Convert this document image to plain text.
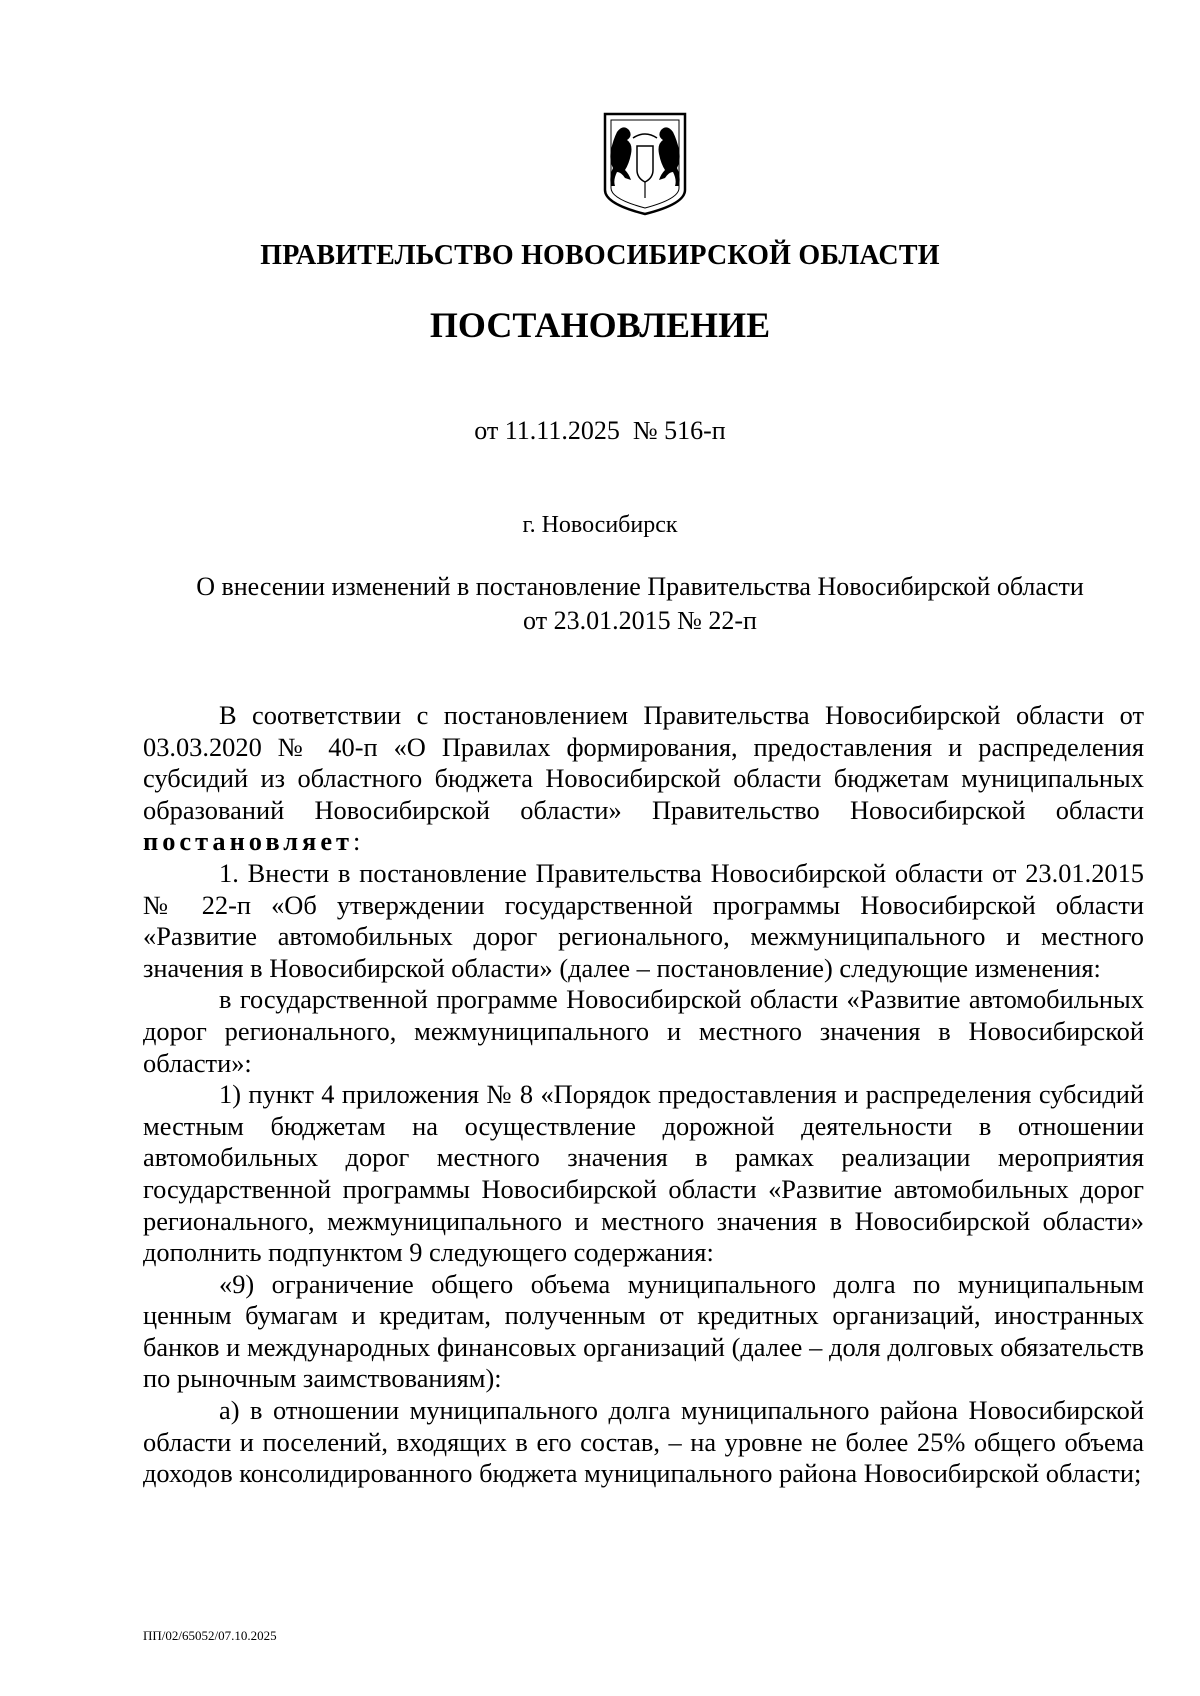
ПРАВИТЕЛЬСТВО НОВОСИБИРСКОЙ ОБЛАСТИ
ПОСТАНОВЛЕНИЕ
от 11.11.2025 № 516-п
г. Новосибирск
О внесении изменений в постановление Правительства Новосибирской области
от 23.01.2015 № 22-п

В соответствии с постановлением Правительства Новосибирской области от 03.03.2020 № 40-п «О Правилах формирования, предоставления и распределения субсидий из областного бюджета Новосибирской области бюджетам муниципальных образований Новосибирской области» Правительство Новосибирской области постановляет:

1. Внести в постановление Правительства Новосибирской области от 23.01.2015 № 22-п «Об утверждении государственной программы Новосибирской области «Развитие автомобильных дорог регионального, межмуниципального и местного значения в Новосибирской области» (далее – постановление) следующие изменения:

в государственной программе Новосибирской области «Развитие автомобильных дорог регионального, межмуниципального и местного значения в Новосибирской области»:

1) пункт 4 приложения № 8 «Порядок предоставления и распределения субсидий местным бюджетам на осуществление дорожной деятельности в отношении автомобильных дорог местного значения в рамках реализации мероприятия государственной программы Новосибирской области «Развитие автомобильных дорог регионального, межмуниципального и местного значения в Новосибирской области» дополнить подпунктом 9 следующего содержания:

«9) ограничение общего объема муниципального долга по муниципальным ценным бумагам и кредитам, полученным от кредитных организаций, иностранных банков и международных финансовых организаций (далее – доля долговых обязательств по рыночным заимствованиям):

а) в отношении муниципального долга муниципального района Новосибирской области и поселений, входящих в его состав, – на уровне не более 25% общего объема доходов консолидированного бюджета муниципального района Новосибирской области;

ПП/02/65052/07.10.2025
